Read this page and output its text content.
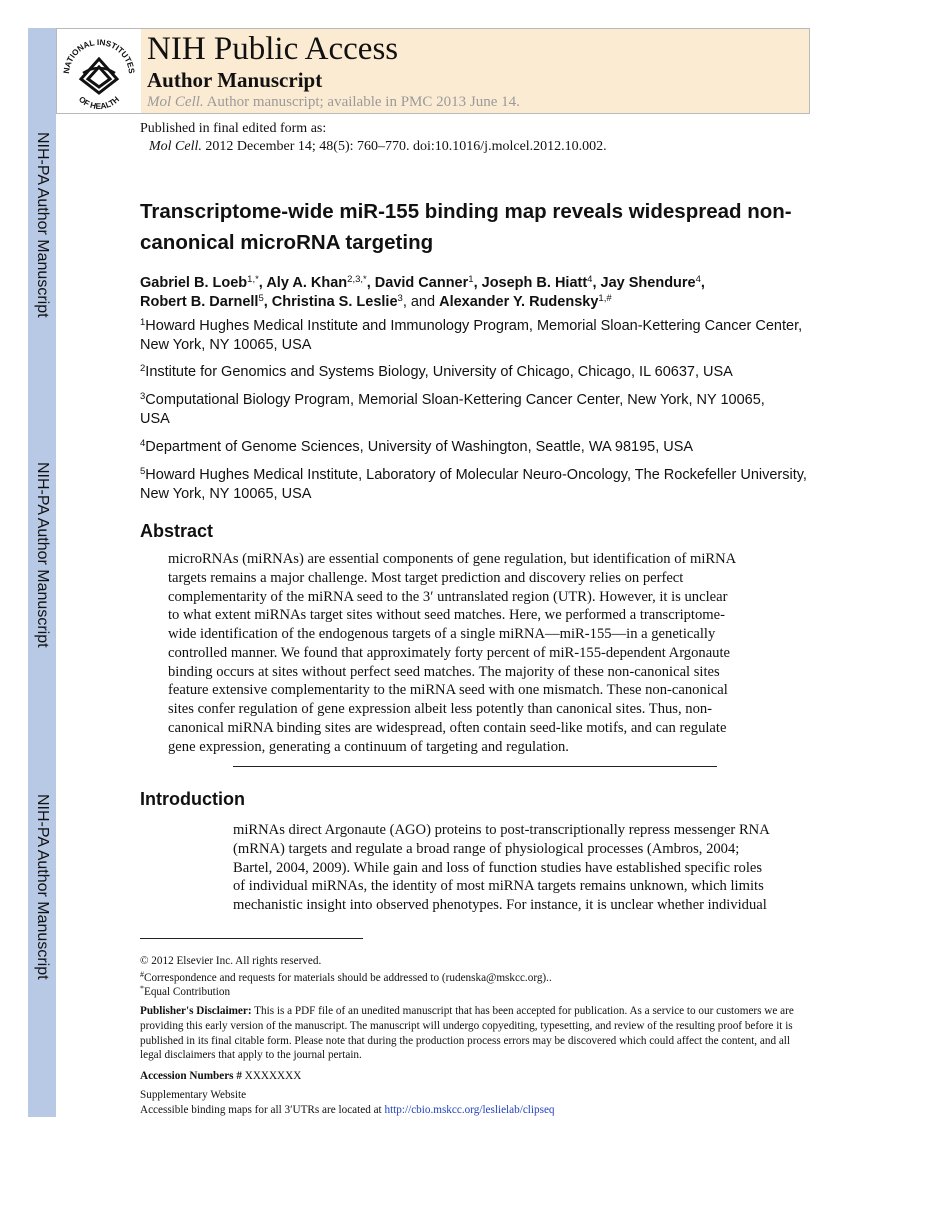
NIH-PA Author Manuscript
NIH-PA Author Manuscript
NIH-PA Author Manuscript
NATIONAL INSTITUTES
OF HEALTH
NIH Public Access
Author Manuscript
Mol Cell. Author manuscript; available in PMC 2013 June 14.
Published in final edited form as:
Mol Cell. 2012 December 14; 48(5): 760–770. doi:10.1016/j.molcel.2012.10.002.
Transcriptome-wide miR-155 binding map reveals widespread non-canonical microRNA targeting
Gabriel B. Loeb$^{1,*}$, Aly A. Khan$^{2,3,*}$, David Canner$^1$, Joseph B. Hiatt$^4$, Jay Shendure$^4$,
Robert B. Darnell$^5$, Christina S. Leslie$^3$, and Alexander Y. Rudensky$^{1,\#}$
$^1$Howard Hughes Medical Institute and Immunology Program, Memorial Sloan-Kettering Cancer Center, New York, NY 10065, USA
$^2$Institute for Genomics and Systems Biology, University of Chicago, Chicago, IL 60637, USA
$^3$Computational Biology Program, Memorial Sloan-Kettering Cancer Center, New York, NY 10065, USA
$^4$Department of Genome Sciences, University of Washington, Seattle, WA 98195, USA
$^5$Howard Hughes Medical Institute, Laboratory of Molecular Neuro-Oncology, The Rockefeller University, New York, NY 10065, USA
Abstract
microRNAs (miRNAs) are essential components of gene regulation, but identification of miRNA
targets remains a major challenge. Most target prediction and discovery relies on perfect
complementarity of the miRNA seed to the 3′ untranslated region (UTR). However, it is unclear
to what extent miRNAs target sites without seed matches. Here, we performed a transcriptome-
wide identification of the endogenous targets of a single miRNA—miR-155—in a genetically
controlled manner. We found that approximately forty percent of miR-155-dependent Argonaute
binding occurs at sites without perfect seed matches. The majority of these non-canonical sites
feature extensive complementarity to the miRNA seed with one mismatch. These non-canonical
sites confer regulation of gene expression albeit less potently than canonical sites. Thus, non-
canonical miRNA binding sites are widespread, often contain seed-like motifs, and can regulate
gene expression, generating a continuum of targeting and regulation.
Introduction
miRNAs direct Argonaute (AGO) proteins to post-transcriptionally repress messenger RNA
(mRNA) targets and regulate a broad range of physiological processes (Ambros, 2004;
Bartel, 2004, 2009). While gain and loss of function studies have established specific roles
of individual miRNAs, the identity of most miRNA targets remains unknown, which limits
mechanistic insight into observed phenotypes. For instance, it is unclear whether individual
© 2012 Elsevier Inc. All rights reserved.
#Correspondence and requests for materials should be addressed to (rudenska@mskcc.org)..
*Equal Contribution
Publisher's Disclaimer: This is a PDF file of an unedited manuscript that has been accepted for publication. As a service to our customers we are providing this early version of the manuscript. The manuscript will undergo copyediting, typesetting, and review of the resulting proof before it is published in its final citable form. Please note that during the production process errors may be discovered which could affect the content, and all legal disclaimers that apply to the journal pertain.
Accession Numbers # XXXXXXX
Supplementary Website
Accessible binding maps for all 3′UTRs are located at http://cbio.mskcc.org/leslielab/clipseq
